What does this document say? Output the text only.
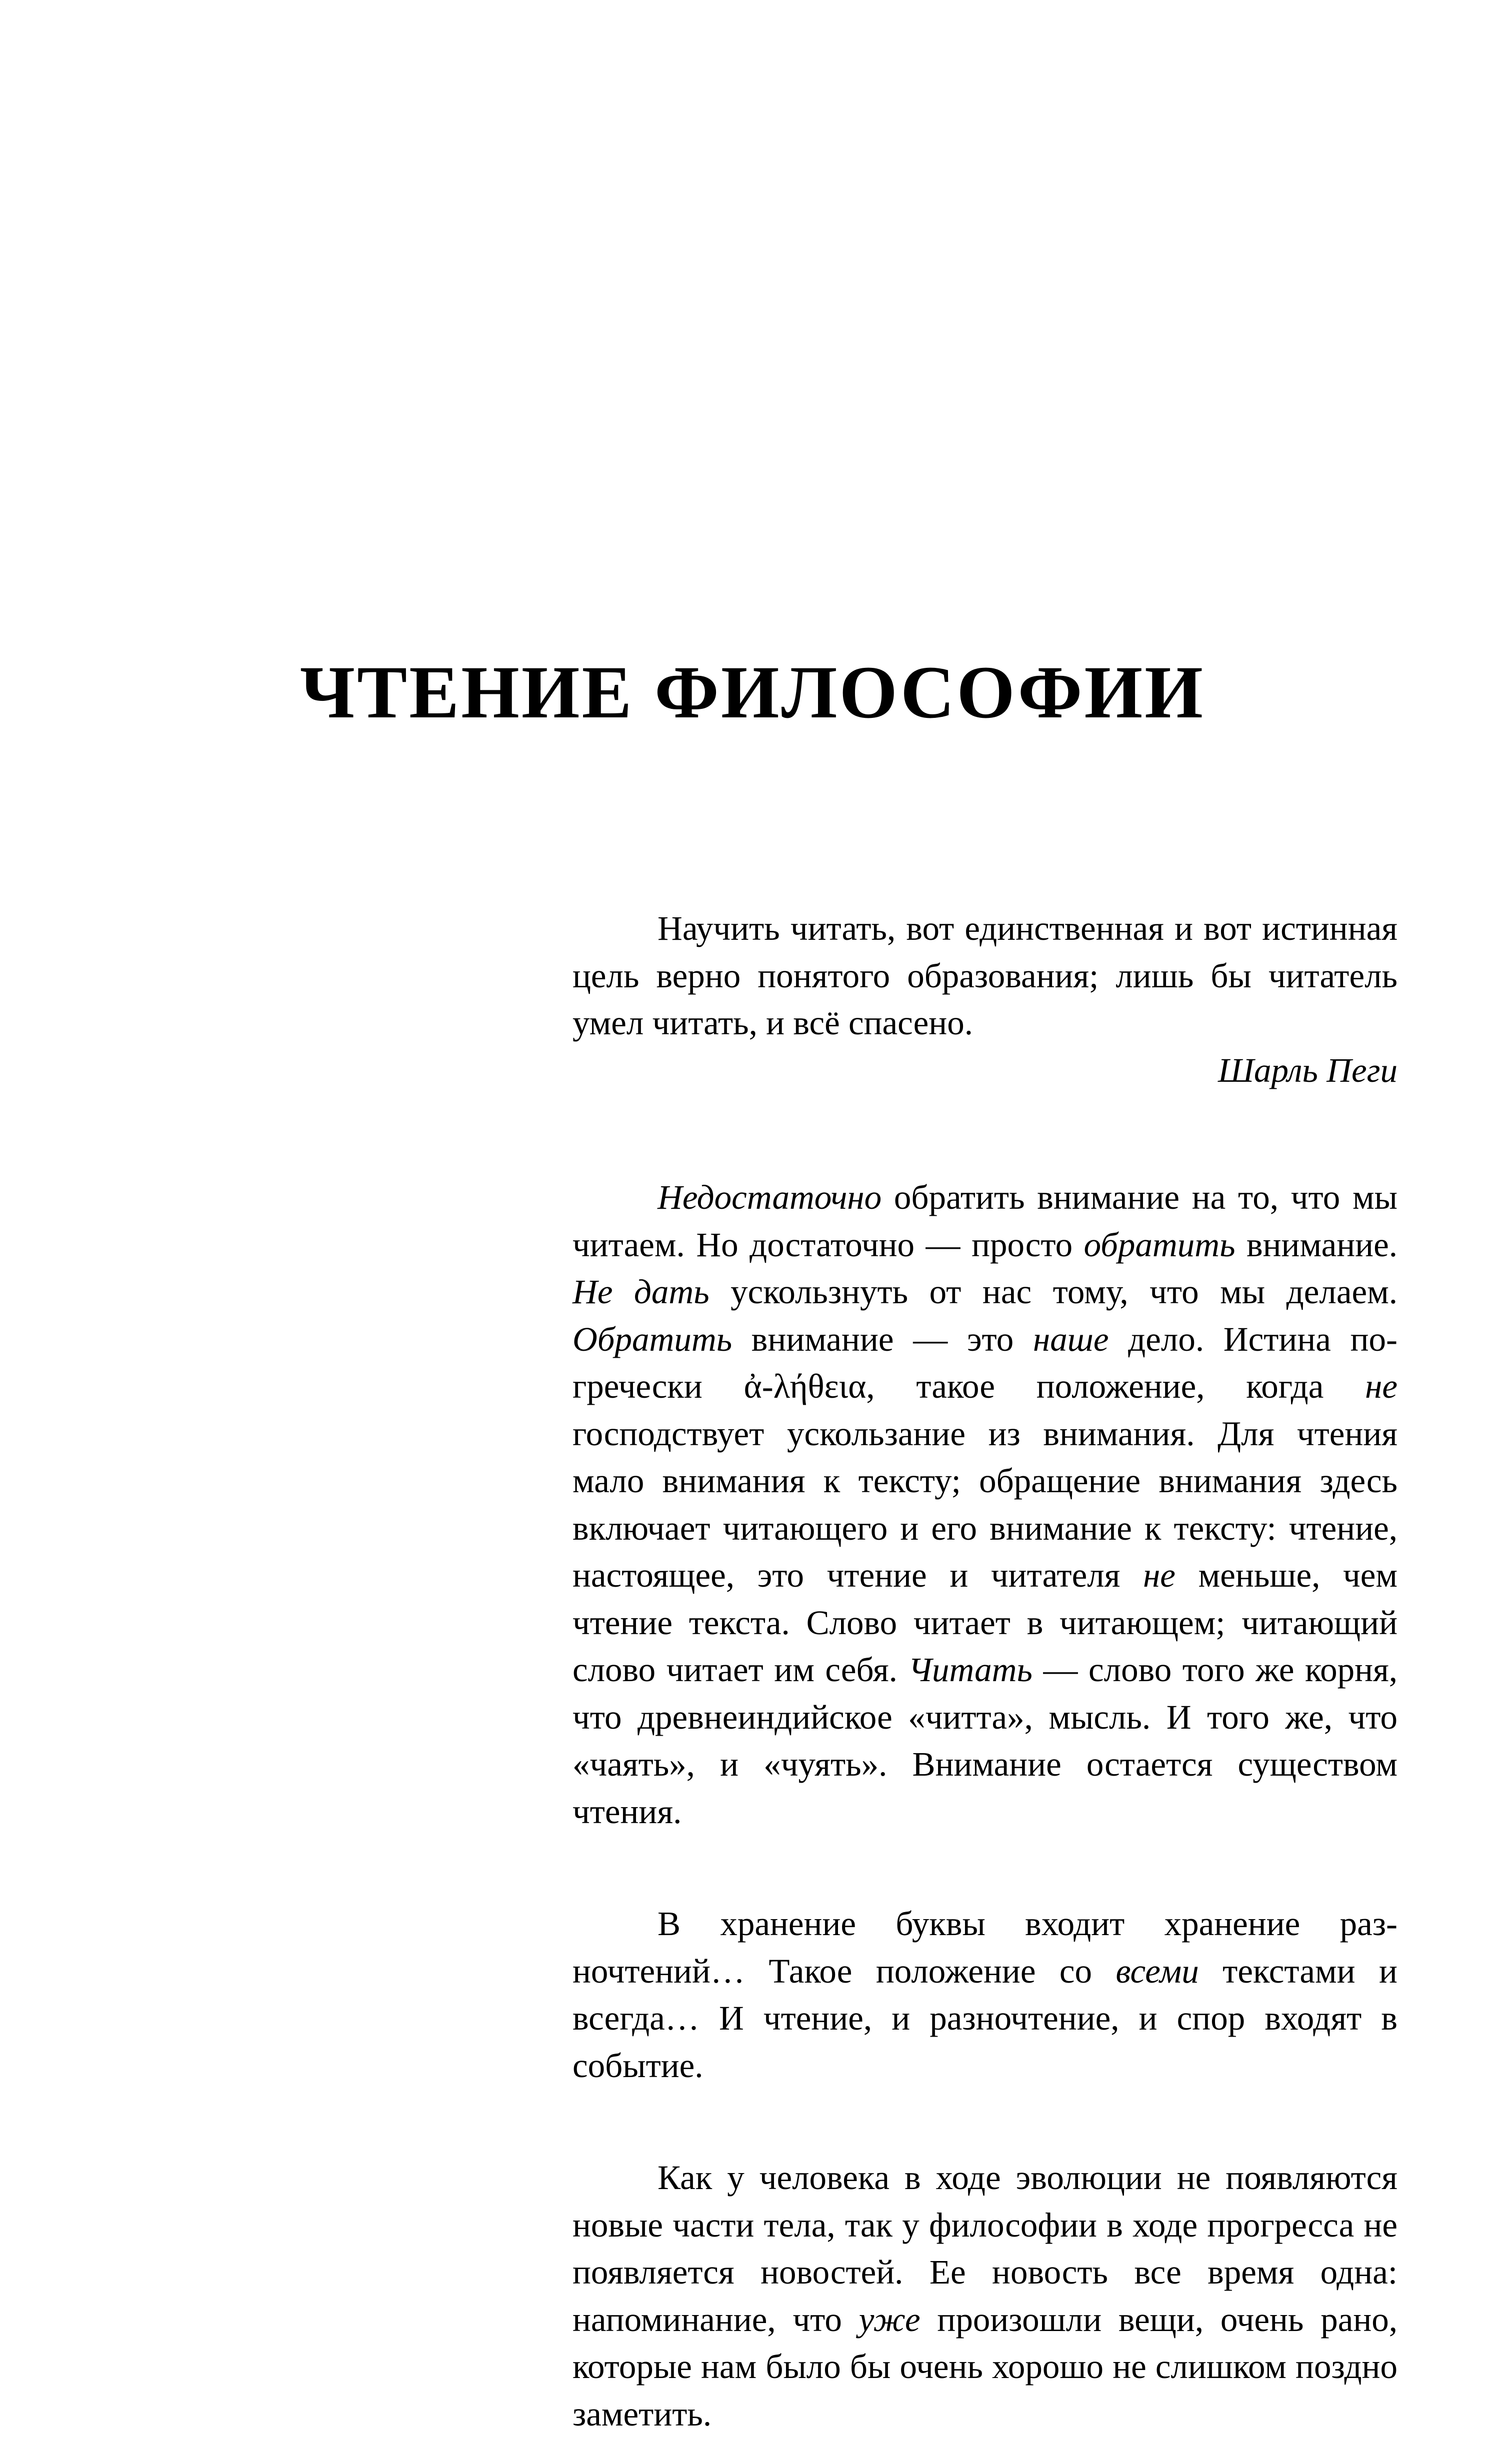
ЧТЕНИЕ ФИЛОСОФИИ

Научить читать, вот единственная и вот истинная цель верно понятого образования; лишь бы читатель умел читать, и всё спасено.

Шарль Пеги

Недостаточно обратить внимание на то, что мы читаем. Но достаточно — просто обратить внимание. Не дать ускользнуть от нас тому, что мы делаем. Обратить внимание — это наше дело. Истина по-гречески ἀ-λήθεια, такое положение, когда не господствует ускользание из внимания. Для чтения мало внимания к тексту; обращение внимания здесь включает читающего и его внимание к тексту: чтение, настоящее, это чтение и читателя не меньше, чем чтение текста. Слово читает в читающем; читающий слово читает им себя. Читать — слово того же корня, что древнеиндийское «читта», мысль. И того же, что «чаять», и «чуять». Внимание остается существом чтения.

В хранение буквы входит хранение разночтений… Такое положение со всеми текстами и всегда… И чтение, и разночтение, и спор входят в событие.

Как у человека в ходе эволюции не появляются новые части тела, так у философии в ходе прогресса не появляется новостей. Ее новость все время одна: напоминание, что уже произошли вещи, очень рано, которые нам было бы очень хорошо не слишком поздно заметить.
